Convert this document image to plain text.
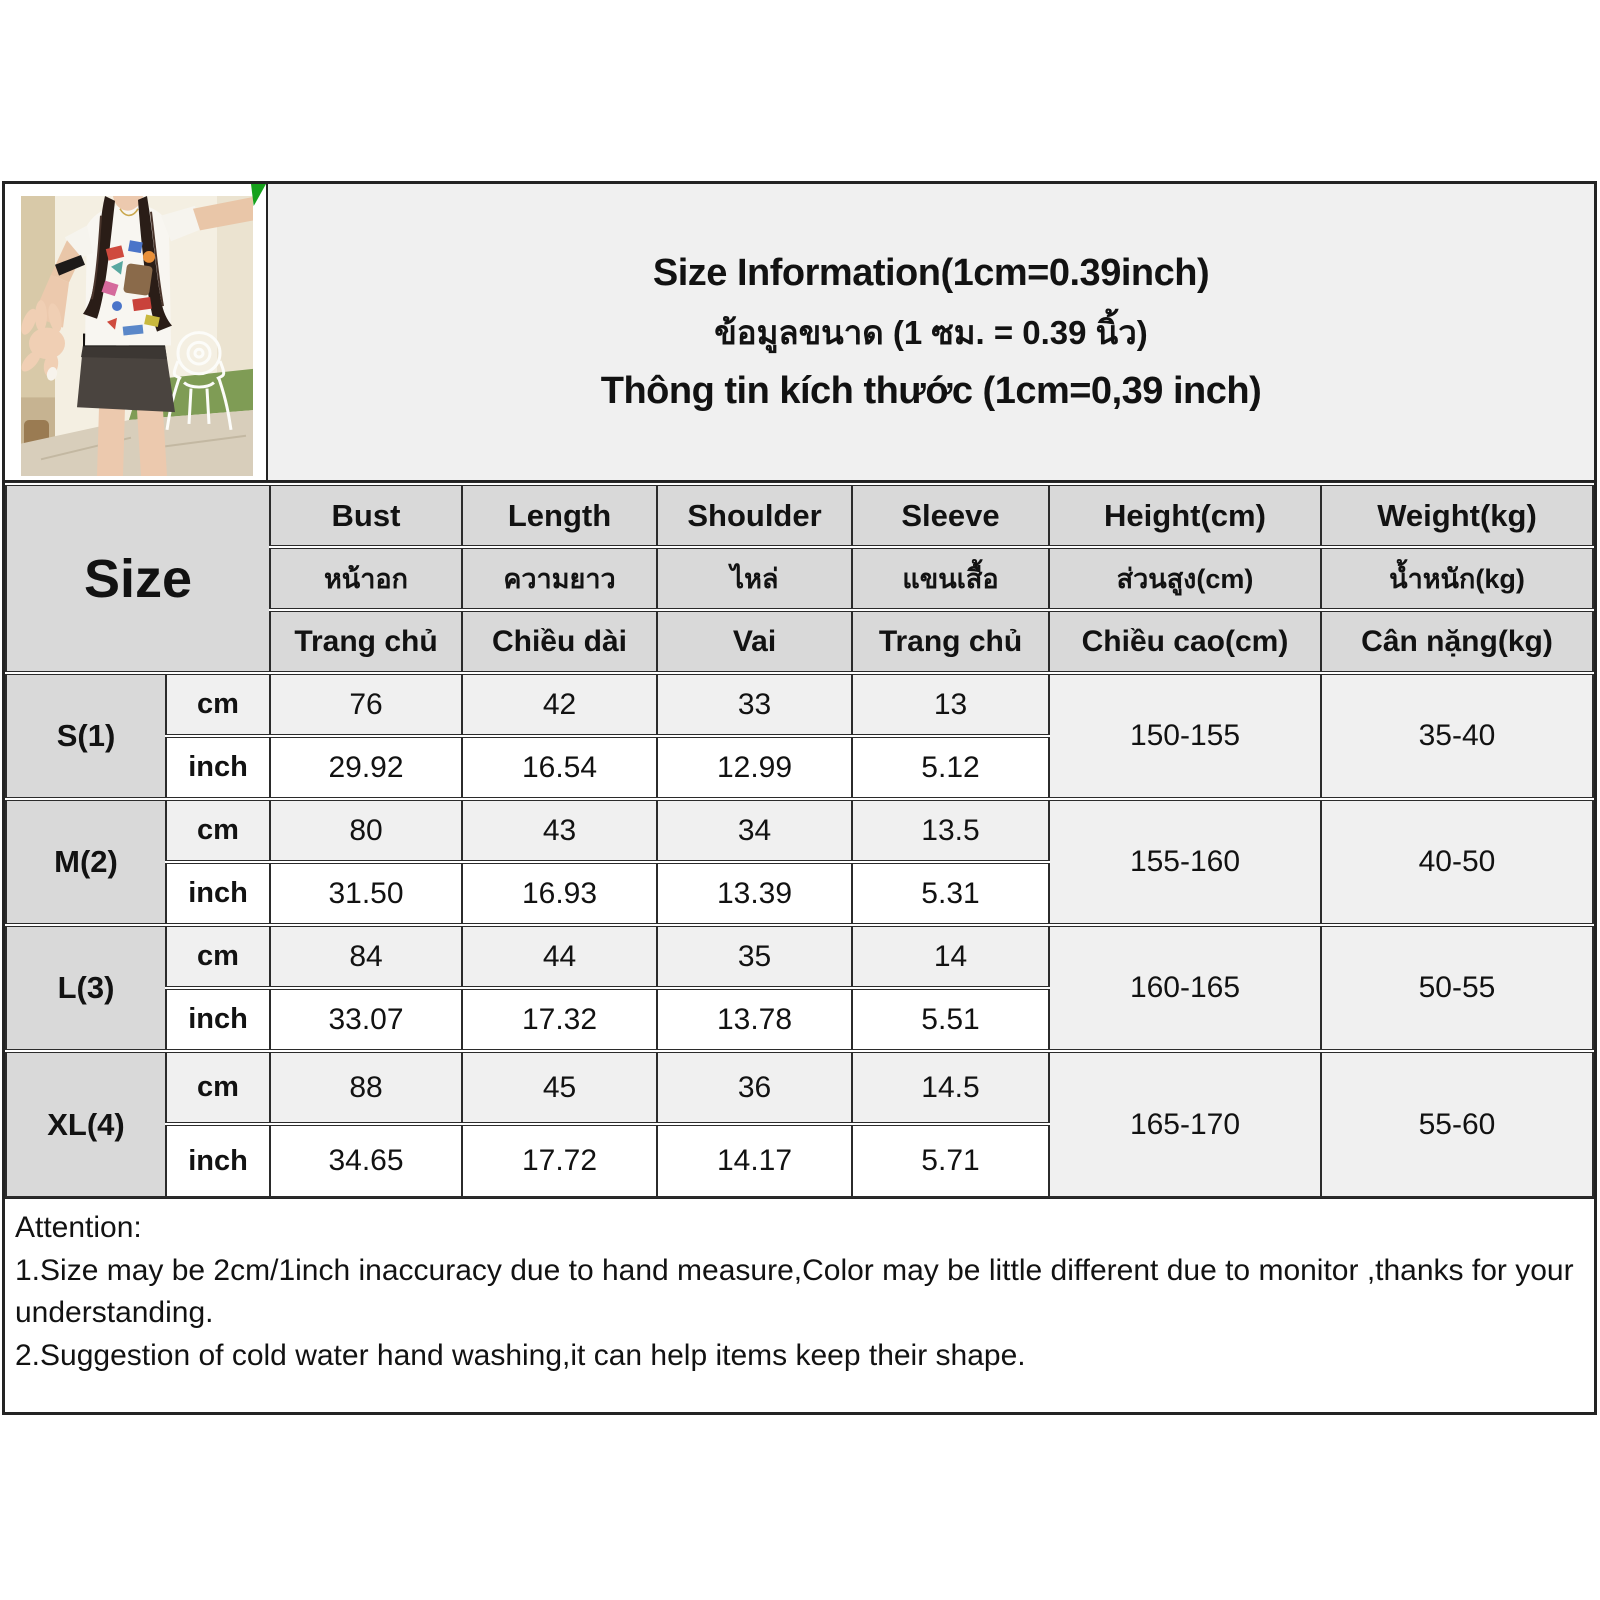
Size Information(1cm=0.39inch)
ข้อมูลขนาด (1 ซม. = 0.39 นิ้ว)
Thông tin kích thước (1cm=0,39 inch)
Size		Bust	Length	Shoulder	Sleeve	Height(cm)	Weight(kg)
		หน้าอก	ความยาว	ไหล่	แขนเสื้อ	ส่วนสูง(cm)	น้ำหนัก(kg)
		Trang chủ	Chiều dài	Vai	Trang chủ	Chiều cao(cm)	Cân nặng(kg)
S(1)	cm	76	42	33	13	150-155	35-40
	inch	29.92	16.54	12.99	5.12		
M(2)	cm	80	43	34	13.5	155-160	40-50
	inch	31.50	16.93	13.39	5.31		
L(3)	cm	84	44	35	14	160-165	50-55
	inch	33.07	17.32	13.78	5.51		
XL(4)	cm	88	45	36	14.5	165-170	55-60
	inch	34.65	17.72	14.17	5.71		
Attention:
1.Size may be 2cm/1inch inaccuracy due to hand measure,Color may be little different due to monitor ,thanks for your understanding.
2.Suggestion of cold water hand washing,it can help items keep their shape.
